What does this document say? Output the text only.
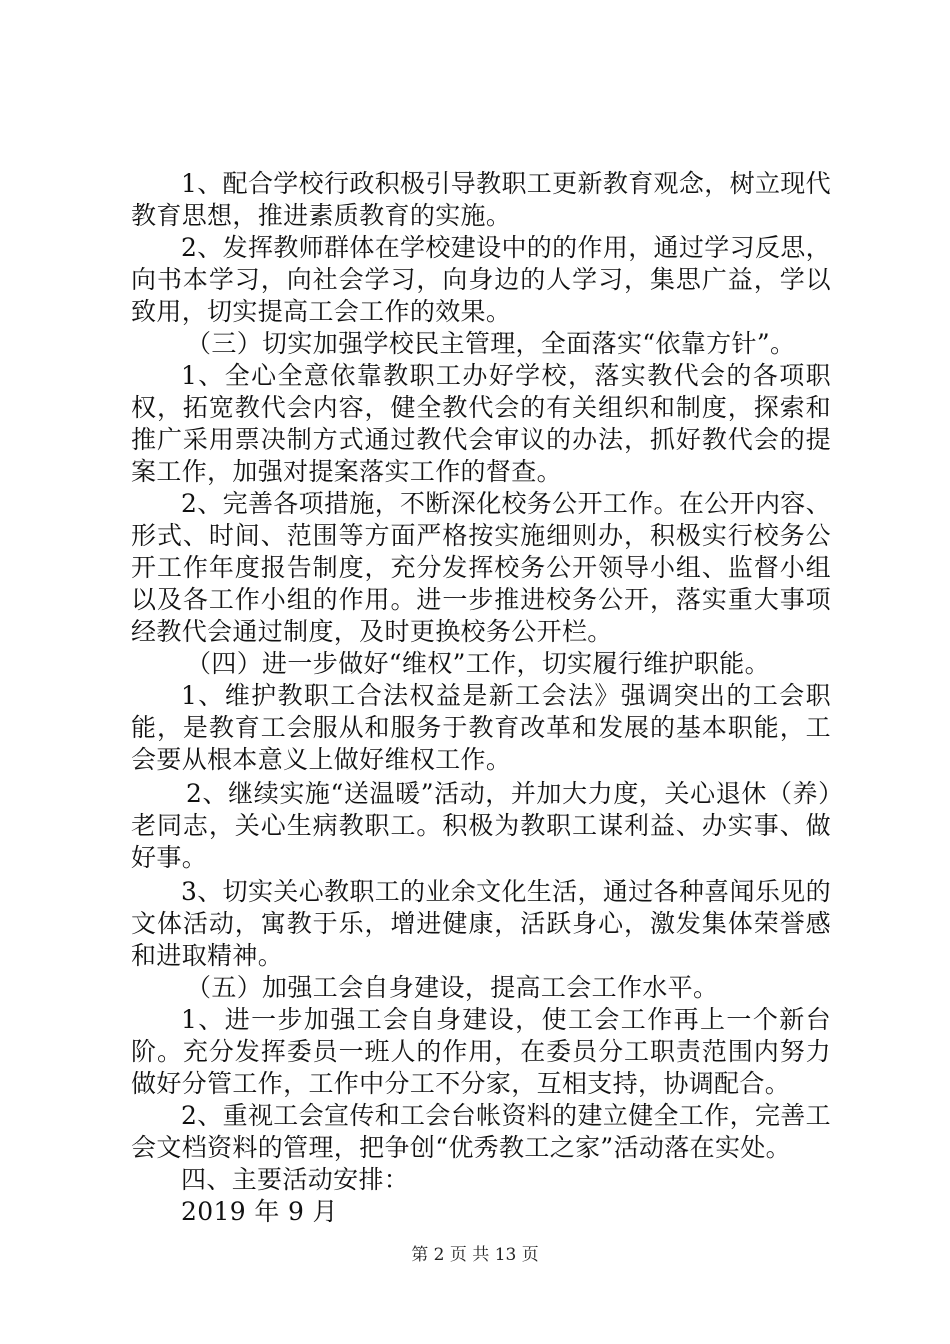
1、配合学校行政积极引导教职工更新教育观念，树立现代教育思想，推进素质教育的实施。

2、发挥教师群体在学校建设中的的作用，通过学习反思，向书本学习，向社会学习，向身边的人学习，集思广益，学以致用，切实提高工会工作的效果。

（三）切实加强学校民主管理，全面落实“依靠方针”。

1、全心全意依靠教职工办好学校，落实教代会的各项职权，拓宽教代会内容，健全教代会的有关组织和制度，探索和推广采用票决制方式通过教代会审议的办法，抓好教代会的提案工作，加强对提案落实工作的督查。

2、完善各项措施，不断深化校务公开工作。在公开内容、形式、时间、范围等方面严格按实施细则办，积极实行校务公开工作年度报告制度，充分发挥校务公开领导小组、监督小组以及各工作小组的作用。进一步推进校务公开，落实重大事项经教代会通过制度，及时更换校务公开栏。

（四）进一步做好“维权”工作，切实履行维护职能。

1、维护教职工合法权益是新工会法》强调突出的工会职能，是教育工会服从和服务于教育改革和发展的基本职能，工会要从根本意义上做好维权工作。

2、继续实施“送温暖”活动，并加大力度，关心退休（养）老同志，关心生病教职工。积极为教职工谋利益、办实事、做好事。

3、切实关心教职工的业余文化生活，通过各种喜闻乐见的文体活动，寓教于乐，增进健康，活跃身心，激发集体荣誉感和进取精神。

（五）加强工会自身建设，提高工会工作水平。

1、进一步加强工会自身建设，使工会工作再上一个新台阶。充分发挥委员一班人的作用，在委员分工职责范围内努力做好分管工作，工作中分工不分家，互相支持，协调配合。

2、重视工会宣传和工会台帐资料的建立健全工作，完善工会文档资料的管理，把争创“优秀教工之家”活动落在实处。

四、主要活动安排：

2019 年 9 月

第 2 页 共 13 页
